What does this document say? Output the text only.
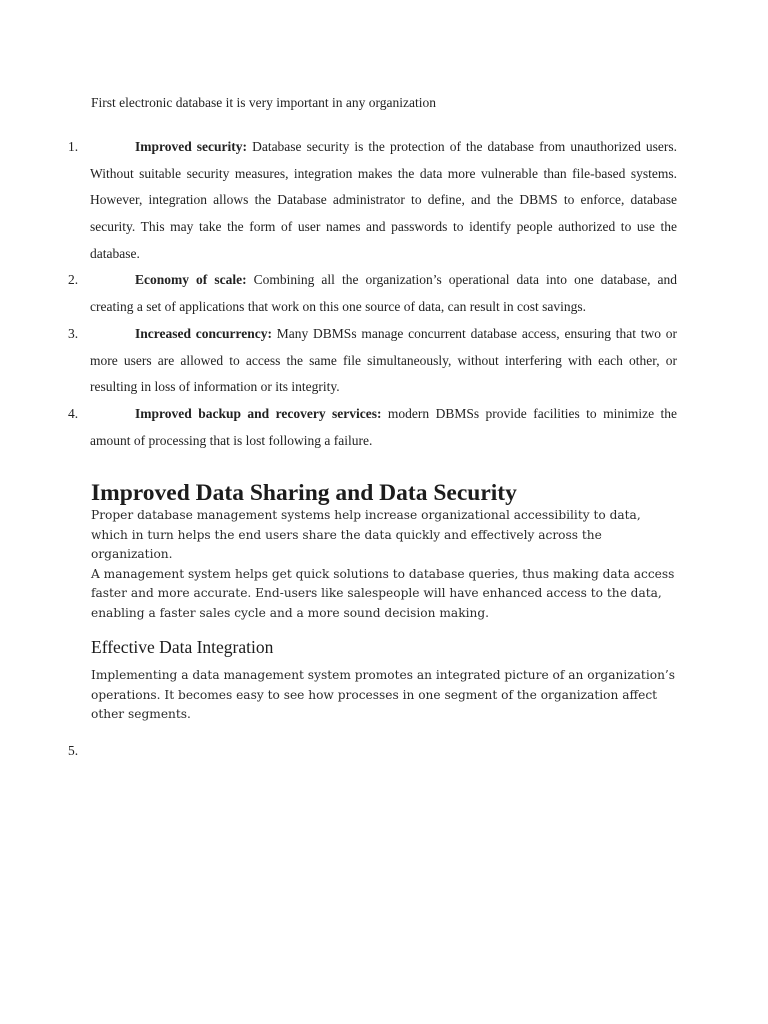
First electronic database it is very important in any organization
1.	Improved security: Database security is the protection of the database from unauthorized users. Without suitable security measures, integration makes the data more vulnerable than file-based systems. However, integration allows the Database administrator to define, and the DBMS to enforce, database security. This may take the form of user names and passwords to identify people authorized to use the database.

2.	Economy of scale: Combining all the organization’s operational data into one database, and creating a set of applications that work on this one source of data, can result in cost savings.

3.	Increased concurrency: Many DBMSs manage concurrent database access, ensuring that two or more users are allowed to access the same file simultaneously, without interfering with each other, or resulting in loss of information or its integrity.

4.	Improved backup and recovery services: modern DBMSs provide facilities to minimize the amount of processing that is lost following a failure.

Improved Data Sharing and Data Security

Proper database management systems help increase organizational accessibility to data, which in turn helps the end users share the data quickly and effectively across the organization.

A management system helps get quick solutions to database queries, thus making data access faster and more accurate. End-users like salespeople will have enhanced access to the data, enabling a faster sales cycle and a more sound decision making.

Effective Data Integration

Implementing a data management system promotes an integrated picture of an organization’s operations. It becomes easy to see how processes in one segment of the organization affect other segments.

5.
